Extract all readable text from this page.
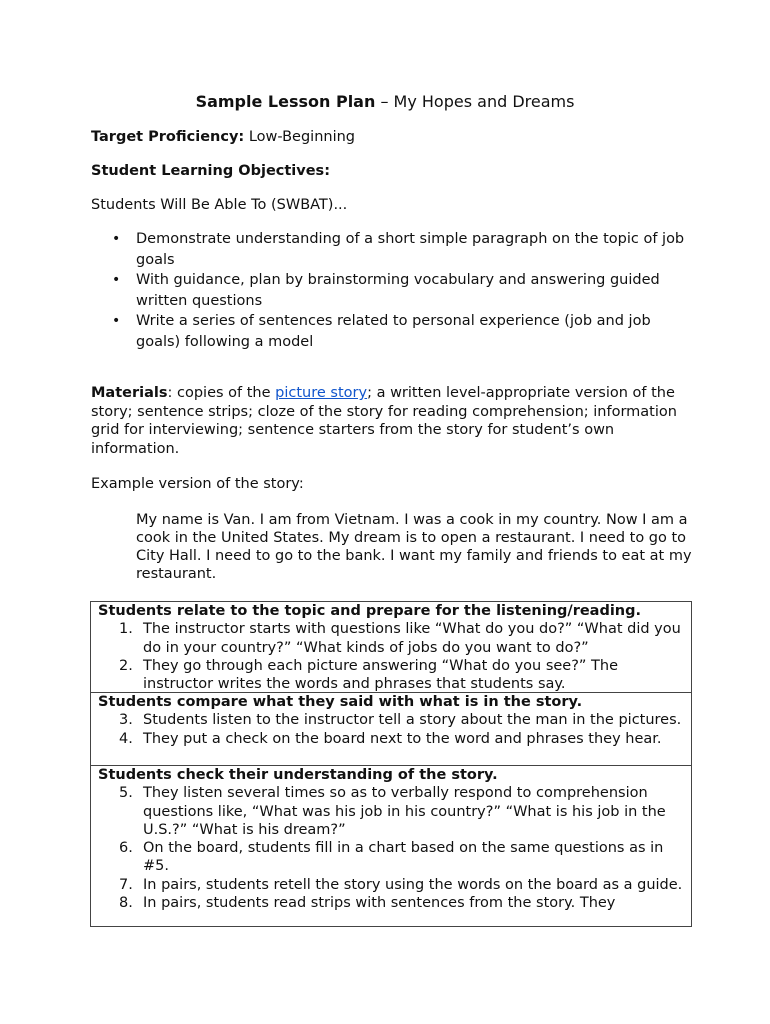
Sample Lesson Plan – My Hopes and Dreams
Target Proficiency: Low-Beginning
Student Learning Objectives:
Students Will Be Able To (SWBAT)...
• Demonstrate understanding of a short simple paragraph on the topic of job goals
• With guidance, plan by brainstorming vocabulary and answering guided written questions
• Write a series of sentences related to personal experience (job and job goals) following a model
Materials: copies of the picture story; a written level-appropriate version of the story; sentence strips; cloze of the story for reading comprehension; information grid for interviewing; sentence starters from the story for student’s own information.
Example version of the story:
My name is Van. I am from Vietnam. I was a cook in my country. Now I am a cook in the United States. My dream is to open a restaurant. I need to go to City Hall. I need to go to the bank. I want my family and friends to eat at my restaurant.
Students relate to the topic and prepare for the listening/reading.
1. The instructor starts with questions like “What do you do?” “What did you do in your country?” “What kinds of jobs do you want to do?”
2. They go through each picture answering “What do you see?” The instructor writes the words and phrases that students say.
Students compare what they said with what is in the story.
3. Students listen to the instructor tell a story about the man in the pictures.
4. They put a check on the board next to the word and phrases they hear.
Students check their understanding of the story.
5. They listen several times so as to verbally respond to comprehension questions like, “What was his job in his country?” “What is his job in the U.S.?” “What is his dream?”
6. On the board, students fill in a chart based on the same questions as in #5.
7. In pairs, students retell the story using the words on the board as a guide.
8. In pairs, students read strips with sentences from the story. They
